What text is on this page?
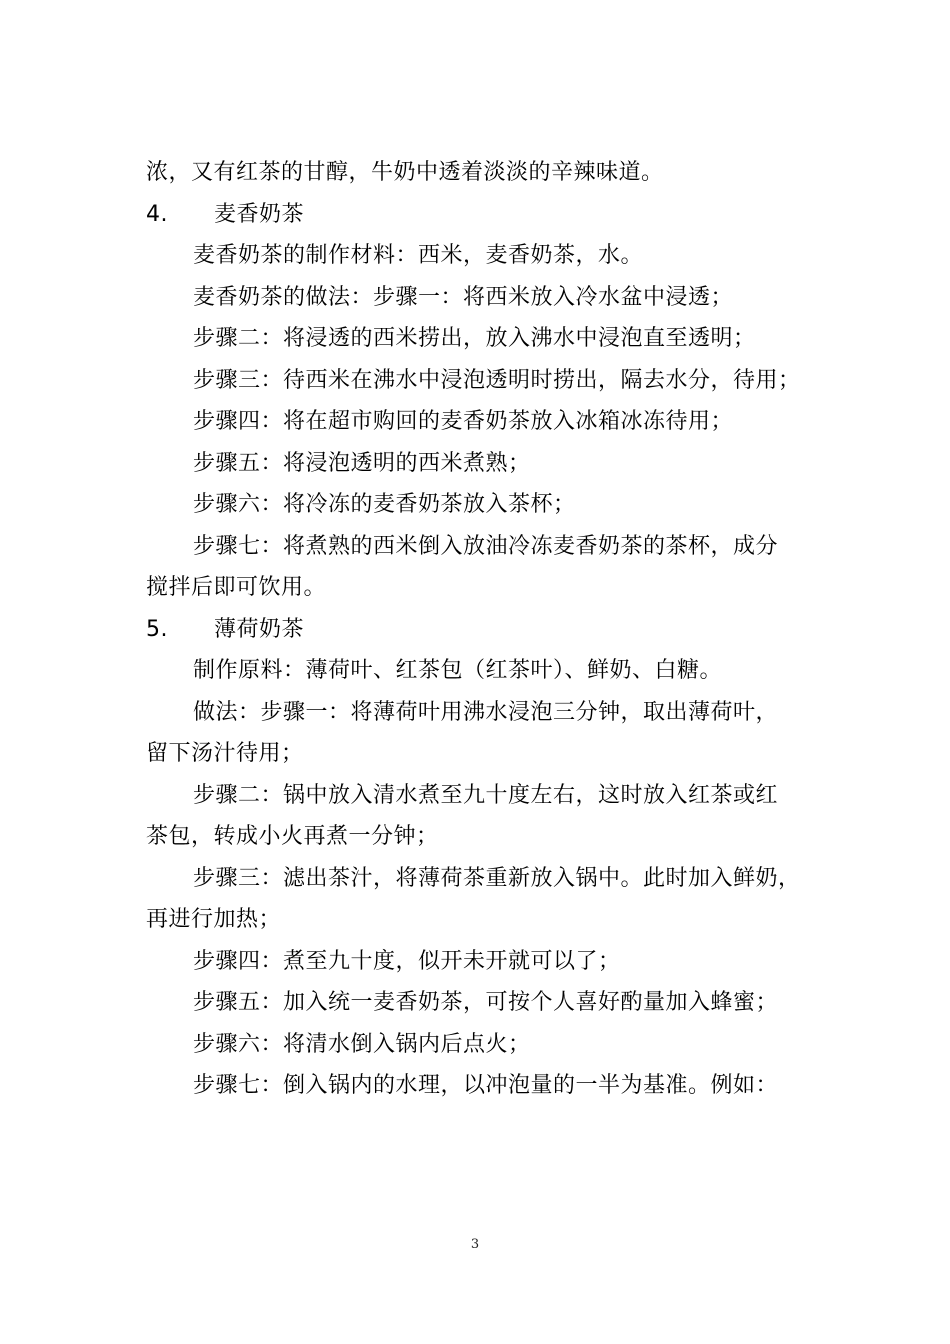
浓，又有红茶的甘醇，牛奶中透着淡淡的辛辣味道。
4. 麦香奶茶
麦香奶茶的制作材料：西米，麦香奶茶，水。
麦香奶茶的做法：步骤一：将西米放入冷水盆中浸透；
步骤二：将浸透的西米捞出，放入沸水中浸泡直至透明；
步骤三：待西米在沸水中浸泡透明时捞出，隔去水分，待用；
步骤四：将在超市购回的麦香奶茶放入冰箱冰冻待用；
步骤五：将浸泡透明的西米煮熟；
步骤六：将冷冻的麦香奶茶放入茶杯；
步骤七：将煮熟的西米倒入放油冷冻麦香奶茶的茶杯，成分
搅拌后即可饮用。
5. 薄荷奶茶
制作原料：薄荷叶、红茶包（红茶叶）、鲜奶、白糖。
做法：步骤一：将薄荷叶用沸水浸泡三分钟，取出薄荷叶，
留下汤汁待用；
步骤二：锅中放入清水煮至九十度左右，这时放入红茶或红
茶包，转成小火再煮一分钟；
步骤三：滤出茶汁，将薄荷茶重新放入锅中。此时加入鲜奶，
再进行加热；
步骤四：煮至九十度，似开未开就可以了；
步骤五：加入统一麦香奶茶，可按个人喜好酌量加入蜂蜜；
步骤六：将清水倒入锅内后点火；
步骤七：倒入锅内的水理，以冲泡量的一半为基准。例如：
3
